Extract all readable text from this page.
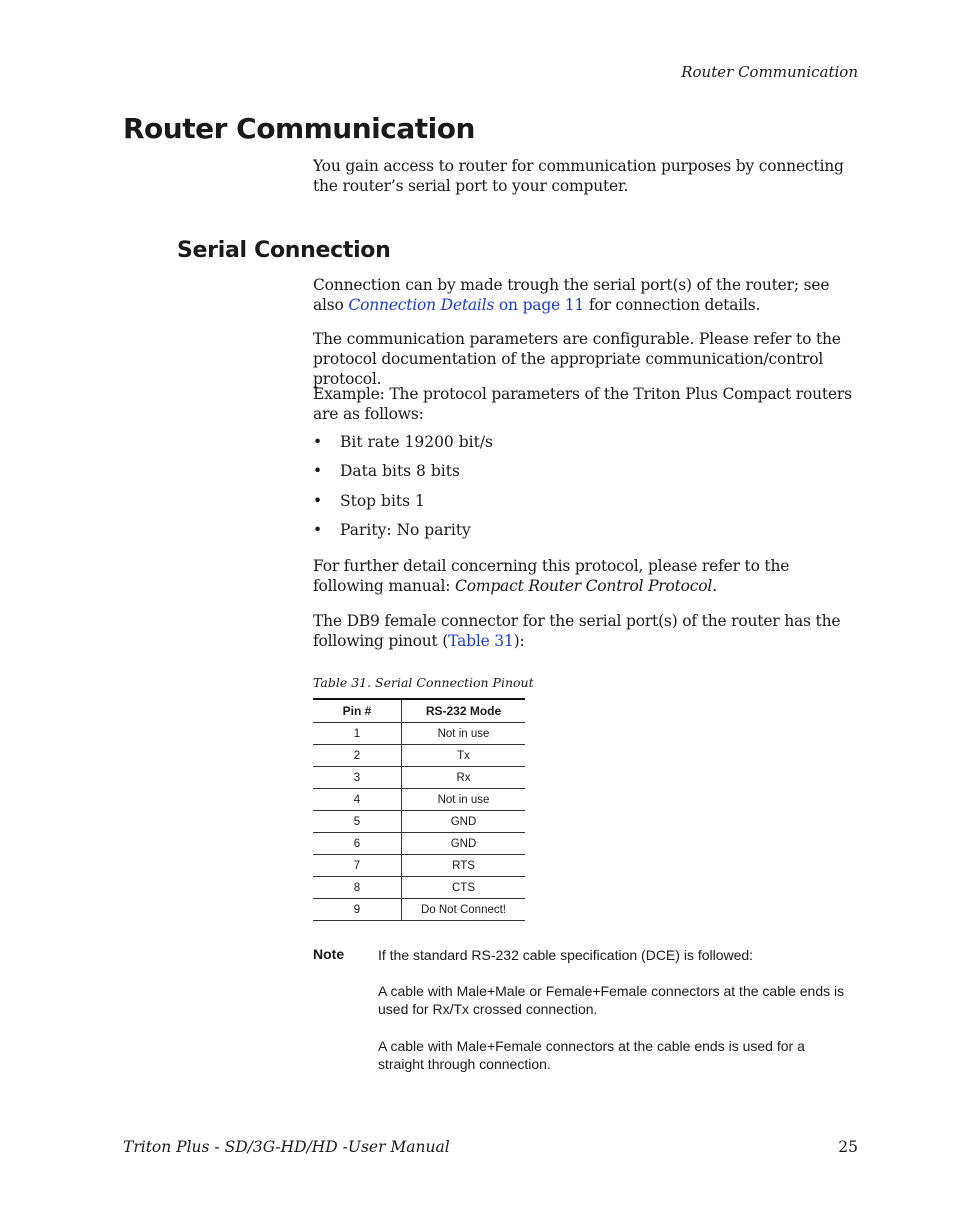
Router Communication
Router Communication

You gain access to router for communication purposes by connecting the router’s serial port to your computer.

Serial Connection

Connection can by made trough the serial port(s) of the router; see also Connection Details on page 11 for connection details.

The communication parameters are configurable. Please refer to the protocol documentation of the appropriate communication/control protocol.

Example: The protocol parameters of the Triton Plus Compact routers are as follows:

• Bit rate 19200 bit/s
• Data bits 8 bits
• Stop bits 1
• Parity: No parity

For further detail concerning this protocol, please refer to the following manual: Compact Router Control Protocol.

The DB9 female connector for the serial port(s) of the router has the following pinout (Table 31):

Table 31. Serial Connection Pinout
Pin #	RS-232 Mode
1	Not in use
2	Tx
3	Rx
4	Not in use
5	GND
6	GND
7	RTS
8	CTS
9	Do Not Connect!
Note If the standard RS-232 cable specification (DCE) is followed:

A cable with Male+Male or Female+Female connectors at the cable ends is used for Rx/Tx crossed connection.

A cable with Male+Female connectors at the cable ends is used for a straight through connection.

Triton Plus - SD/3G-HD/HD -User Manual	25
